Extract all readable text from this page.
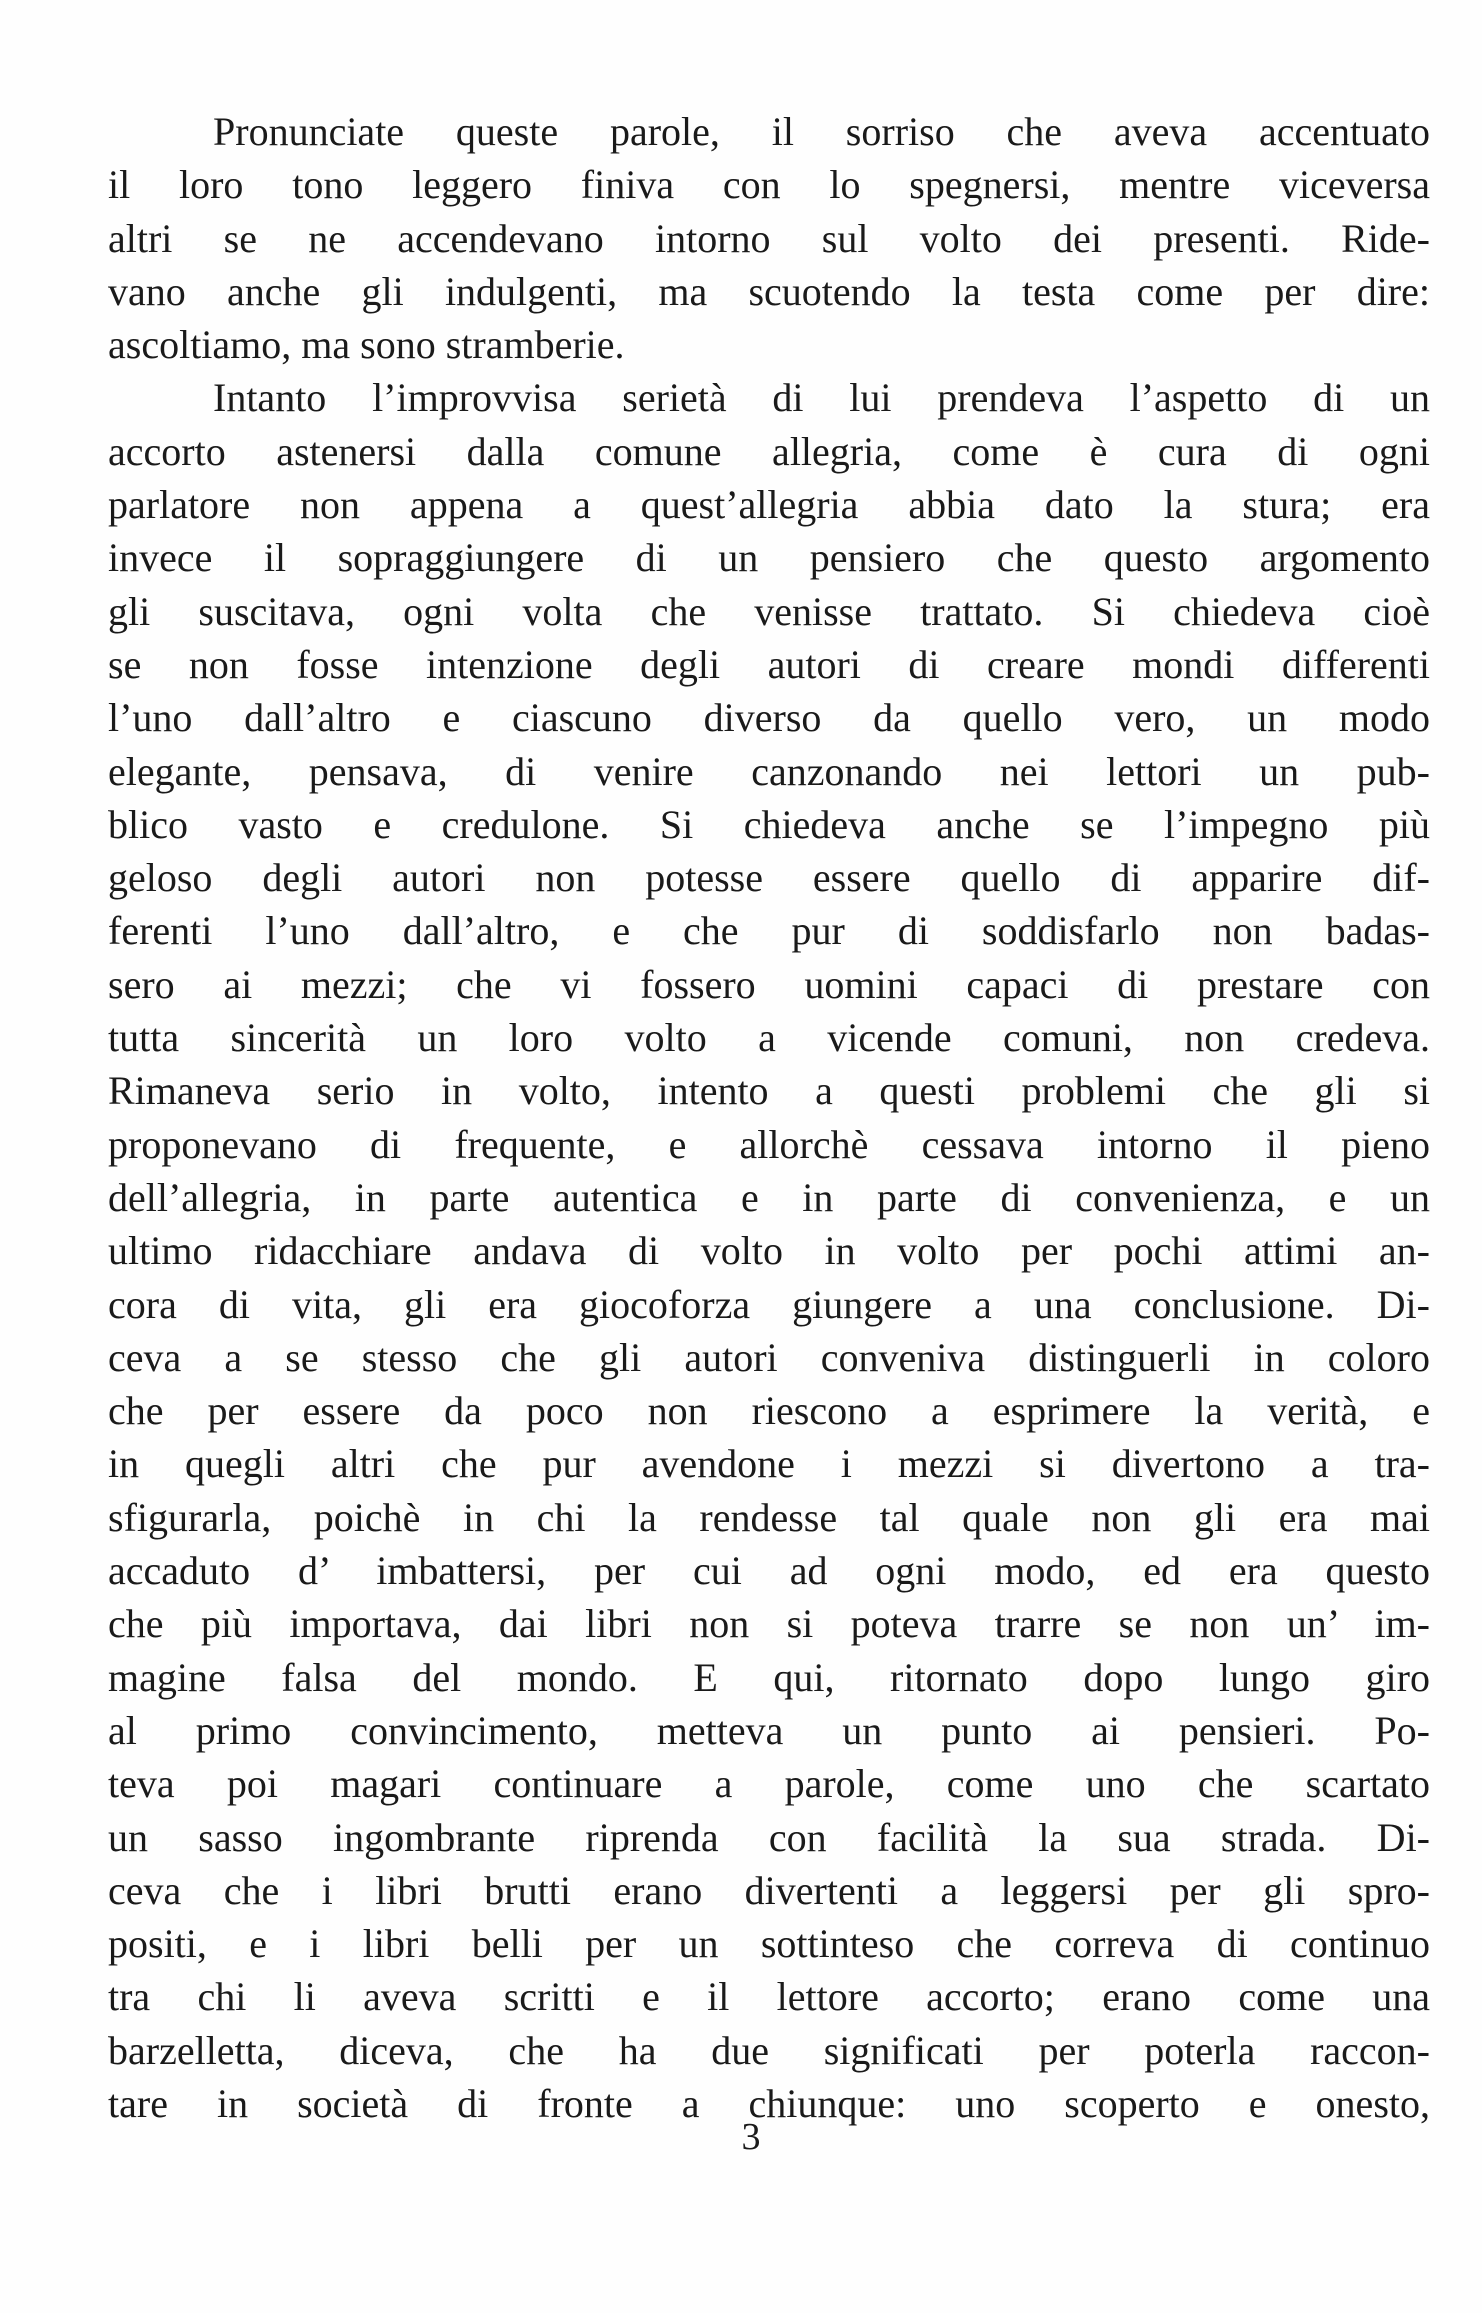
Pronunciate queste parole, il sorriso che aveva accentuato
il loro tono leggero finiva con lo spegnersi, mentre viceversa
altri se ne accendevano intorno sul volto dei presenti. Ride-
vano anche gli indulgenti, ma scuotendo la testa come per dire:
ascoltiamo, ma sono stramberie.
Intanto l’improvvisa serietà di lui prendeva l’aspetto di un
accorto astenersi dalla comune allegria, come è cura di ogni
parlatore non appena a quest’allegria abbia dato la stura; era
invece il sopraggiungere di un pensiero che questo argomento
gli suscitava, ogni volta che venisse trattato. Si chiedeva cioè
se non fosse intenzione degli autori di creare mondi differenti
l’uno dall’altro e ciascuno diverso da quello vero, un modo
elegante, pensava, di venire canzonando nei lettori un pub-
blico vasto e credulone. Si chiedeva anche se l’impegno più
geloso degli autori non potesse essere quello di apparire dif-
ferenti l’uno dall’altro, e che pur di soddisfarlo non badas-
sero ai mezzi; che vi fossero uomini capaci di prestare con
tutta sincerità un loro volto a vicende comuni, non credeva.
Rimaneva serio in volto, intento a questi problemi che gli si
proponevano di frequente, e allorchè cessava intorno il pieno
dell’allegria, in parte autentica e in parte di convenienza, e un
ultimo ridacchiare andava di volto in volto per pochi attimi an-
cora di vita, gli era giocoforza giungere a una conclusione. Di-
ceva a se stesso che gli autori conveniva distinguerli in coloro
che per essere da poco non riescono a esprimere la verità, e
in quegli altri che pur avendone i mezzi si divertono a tra-
sfigurarla, poichè in chi la rendesse tal quale non gli era mai
accaduto d’ imbattersi, per cui ad ogni modo, ed era questo
che più importava, dai libri non si poteva trarre se non un’ im-
magine falsa del mondo. E qui, ritornato dopo lungo giro
al primo convincimento, metteva un punto ai pensieri. Po-
teva poi magari continuare a parole, come uno che scartato
un sasso ingombrante riprenda con facilità la sua strada. Di-
ceva che i libri brutti erano divertenti a leggersi per gli spro-
positi, e i libri belli per un sottinteso che correva di continuo
tra chi li aveva scritti e il lettore accorto; erano come una
barzelletta, diceva, che ha due significati per poterla raccon-
tare in società di fronte a chiunque: uno scoperto e onesto,
3
